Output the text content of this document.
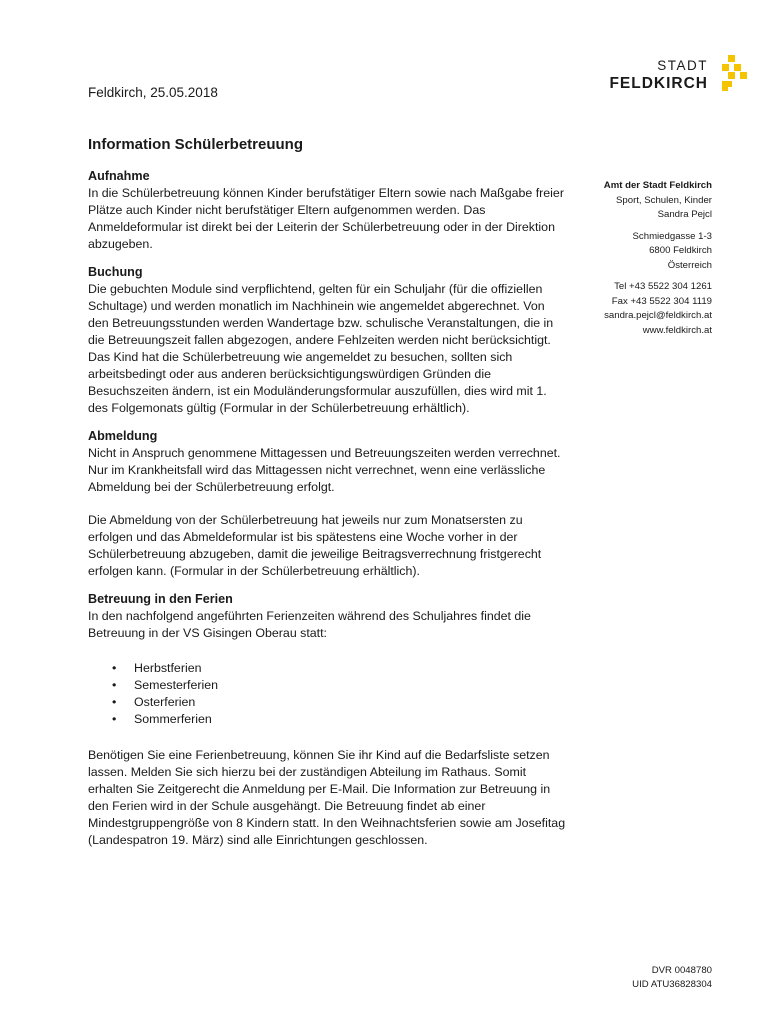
STADT
FELDKIRCH
Feldkirch, 25.05.2018
Information Schülerbetreuung
Aufnahme

In die Schülerbetreuung können Kinder berufstätiger Eltern sowie nach Maßgabe freier Plätze auch Kinder nicht berufstätiger Eltern aufgenommen werden. Das Anmeldeformular ist direkt bei der Leiterin der Schülerbetreuung oder in der Direktion abzugeben.

Buchung

Die gebuchten Module sind verpflichtend, gelten für ein Schuljahr (für die offiziellen Schultage) und werden monatlich im Nachhinein wie angemeldet abgerechnet. Von den Betreuungsstunden werden Wandertage bzw. schulische Veranstaltungen, die in die Betreuungszeit fallen abgezogen, andere Fehlzeiten werden nicht berücksichtigt. Das Kind hat die Schülerbetreuung wie angemeldet zu besuchen, sollten sich arbeitsbedingt oder aus anderen berücksichtigungswürdigen Gründen die Besuchszeiten ändern, ist ein Moduländerungsformular auszufüllen, dies wird mit 1. des Folgemonats gültig (Formular in der Schülerbetreuung erhältlich).

Abmeldung

Nicht in Anspruch genommene Mittagessen und Betreuungszeiten werden verrechnet. Nur im Krankheitsfall wird das Mittagessen nicht verrechnet, wenn eine verlässliche Abmeldung bei der Schülerbetreuung erfolgt.

Die Abmeldung von der Schülerbetreuung hat jeweils nur zum Monatsersten zu erfolgen und das Abmeldeformular ist bis spätestens eine Woche vorher in der Schülerbetreuung abzugeben, damit die jeweilige Beitragsverrechnung fristgerecht erfolgen kann. (Formular in der Schülerbetreuung erhältlich).

Betreuung in den Ferien

In den nachfolgend angeführten Ferienzeiten während des Schuljahres findet die Betreuung in der VS Gisingen Oberau statt:

• Herbstferien
• Semesterferien
• Osterferien
• Sommerferien

Benötigen Sie eine Ferienbetreuung, können Sie ihr Kind auf die Bedarfsliste setzen lassen. Melden Sie sich hierzu bei der zuständigen Abteilung im Rathaus. Somit erhalten Sie Zeitgerecht die Anmeldung per E-Mail. Die Information zur Betreuung in den Ferien wird in der Schule ausgehängt. Die Betreuung findet ab einer Mindestgruppengröße von 8 Kindern statt. In den Weihnachtsferien sowie am Josefitag (Landespatron 19. März) sind alle Einrichtungen geschlossen.

Amt der Stadt Feldkirch
Sport, Schulen, Kinder
Sandra Pejcl
Schmiedgasse 1-3
6800 Feldkirch
Österreich
Tel +43 5522 304 1261
Fax +43 5522 304 1119
sandra.pejcl@feldkirch.at
www.feldkirch.at
DVR 0048780
UID ATU36828304
